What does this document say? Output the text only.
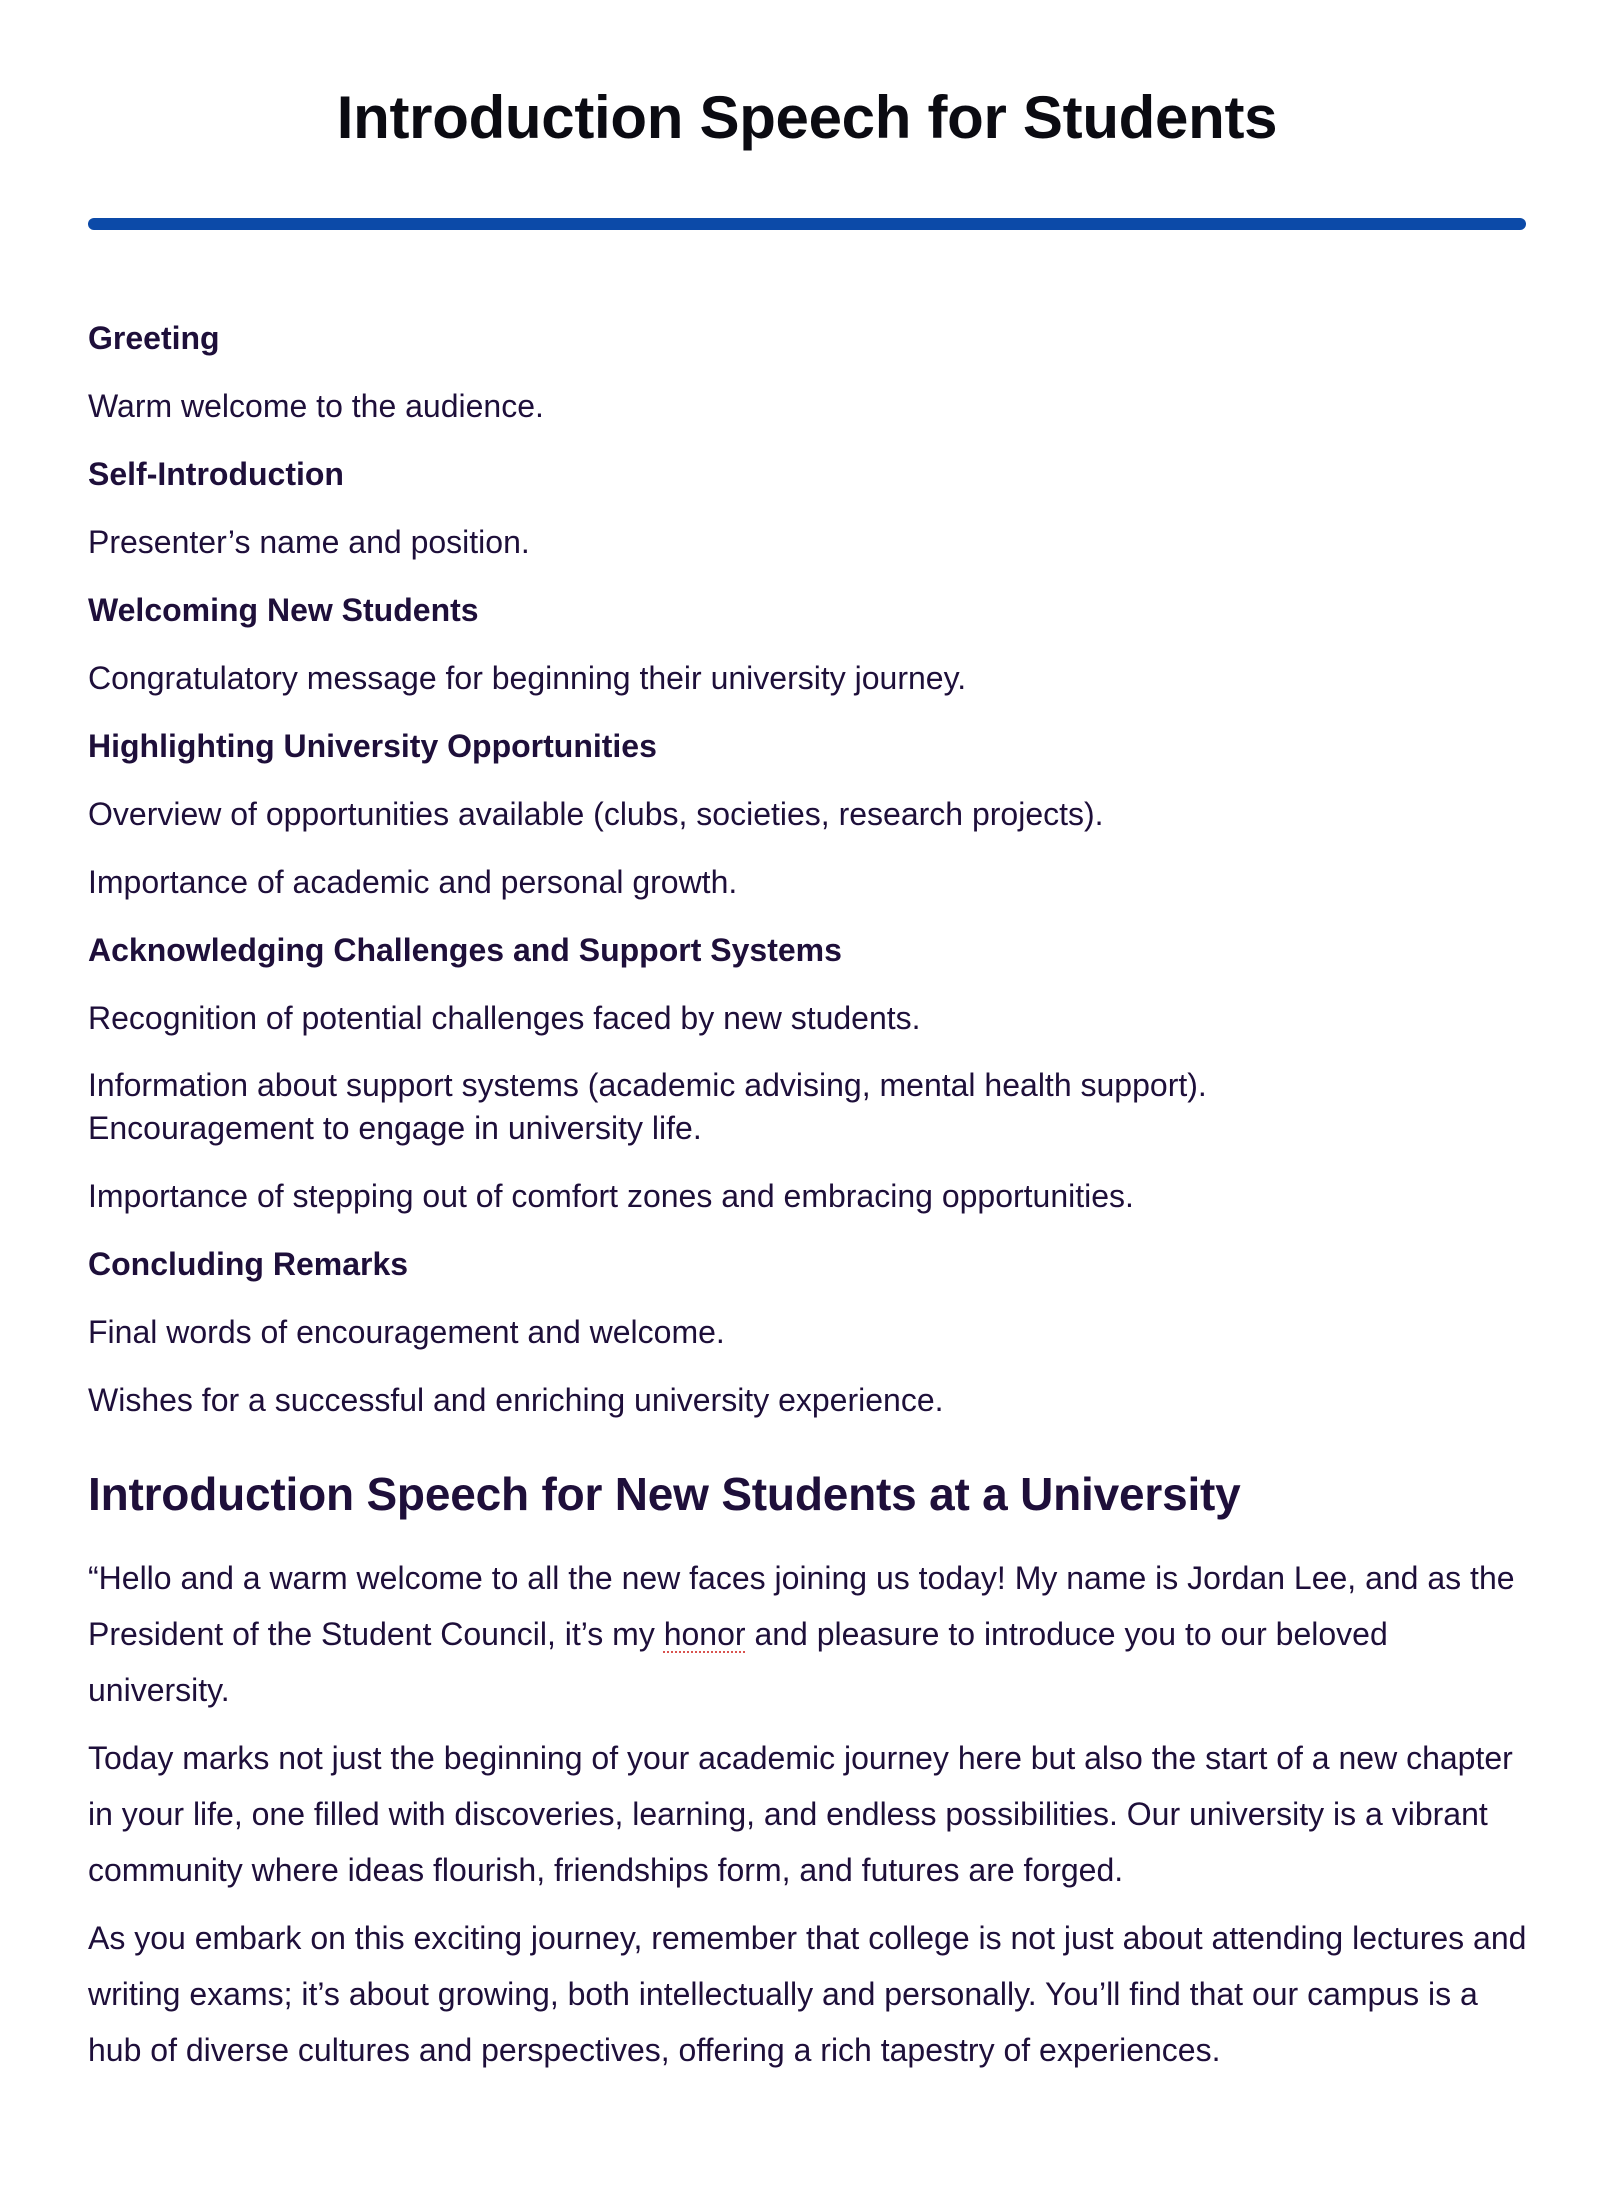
Introduction Speech for Students
Greeting
Warm welcome to the audience.
Self-Introduction
Presenter’s name and position.
Welcoming New Students
Congratulatory message for beginning their university journey.
Highlighting University Opportunities
Overview of opportunities available (clubs, societies, research projects).
Importance of academic and personal growth.
Acknowledging Challenges and Support Systems
Recognition of potential challenges faced by new students.
Information about support systems (academic advising, mental health support).
Encouragement to engage in university life.
Importance of stepping out of comfort zones and embracing opportunities.
Concluding Remarks
Final words of encouragement and welcome.
Wishes for a successful and enriching university experience.
Introduction Speech for New Students at a University

“Hello and a warm welcome to all the new faces joining us today! My name is Jordan Lee, and as the President of the Student Council, it’s my honor and pleasure to introduce you to our beloved university.

Today marks not just the beginning of your academic journey here but also the start of a new chapter in your life, one filled with discoveries, learning, and endless possibilities. Our university is a vibrant community where ideas flourish, friendships form, and futures are forged.

As you embark on this exciting journey, remember that college is not just about attending lectures and writing exams; it’s about growing, both intellectually and personally. You’ll find that our campus is a hub of diverse cultures and perspectives, offering a rich tapestry of experiences.
